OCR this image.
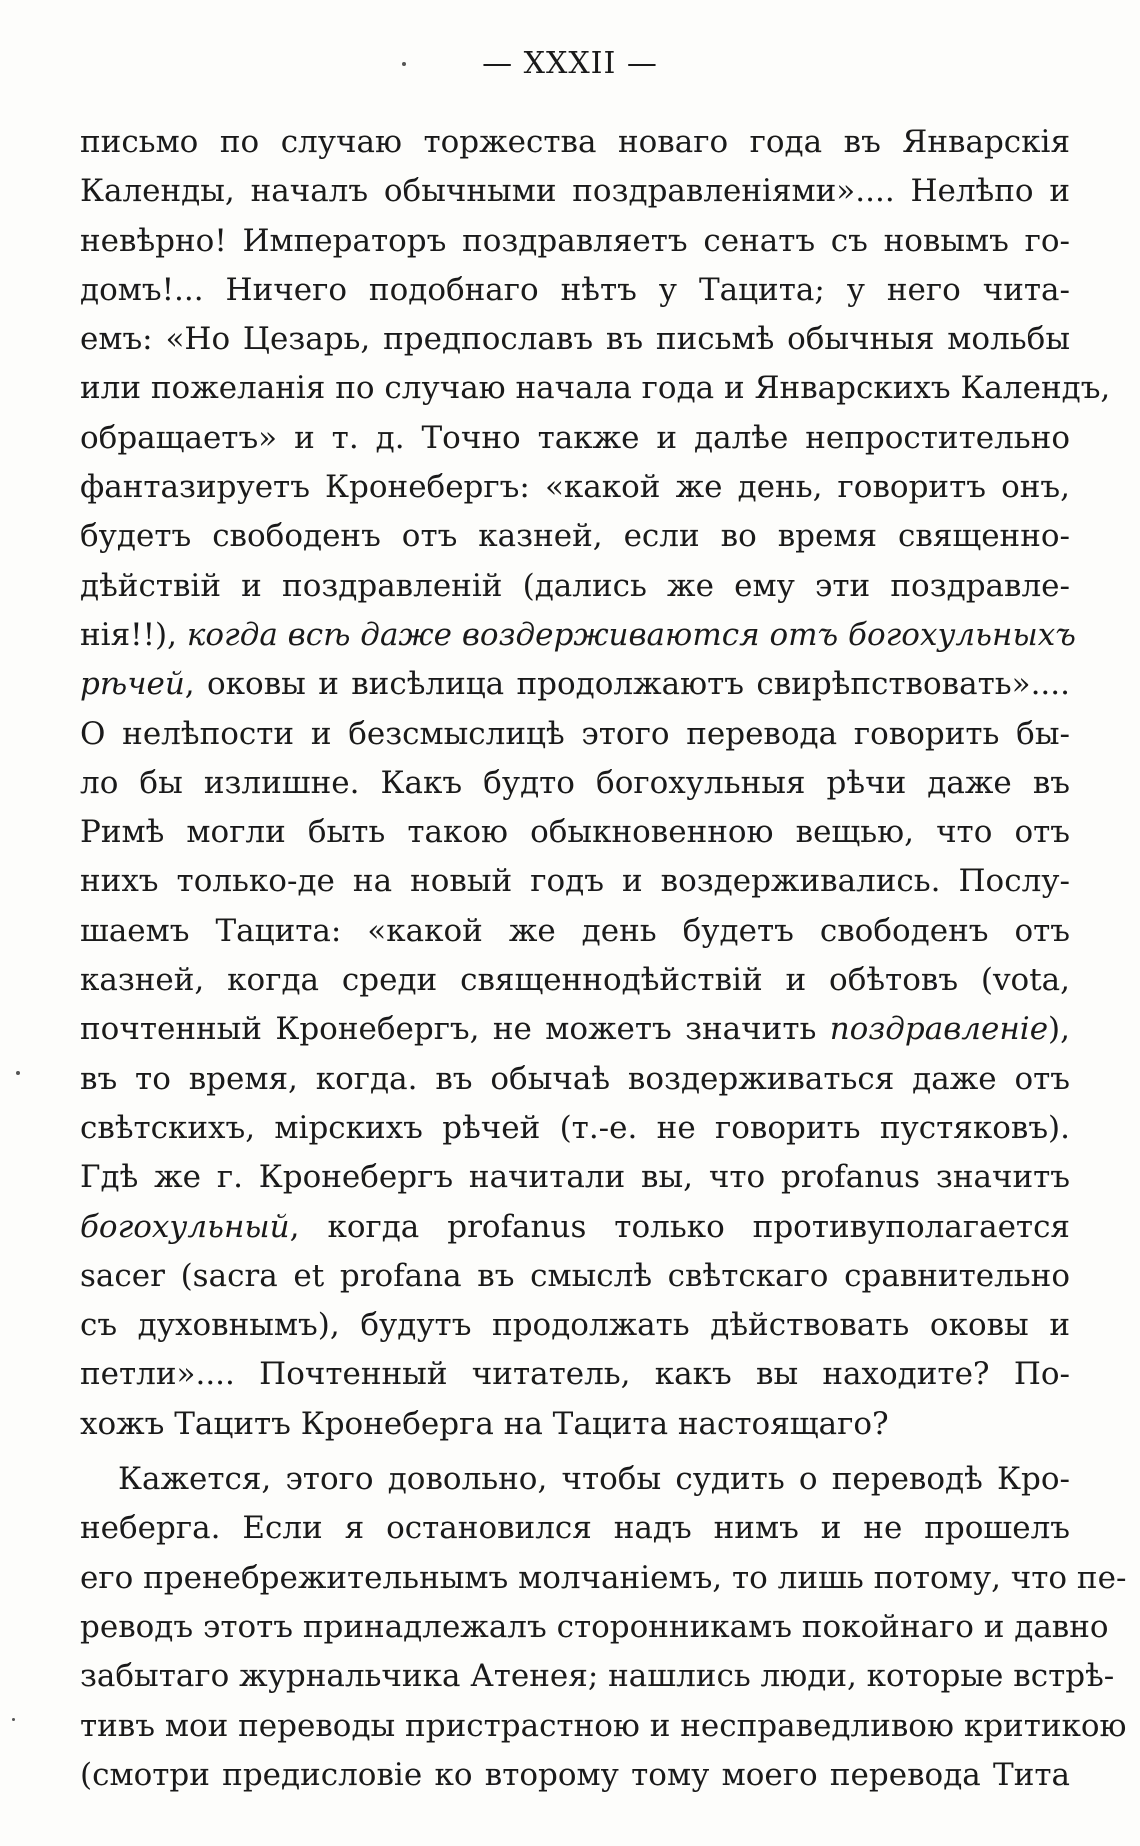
— XXXII —
письмо по случаю торжества новаго года въ Январскія
Календы, началъ обычными поздравленіями».... Нелѣпо и
невѣрно! Императоръ поздравляетъ сенатъ съ новымъ го-
домъ!... Ничего подобнаго нѣтъ у Тацита; у него чита-
емъ: «Но Цезарь, предпославъ въ письмѣ обычныя мольбы
или пожеланія по случаю начала года и Январскихъ Календъ,
обращаетъ» и т. д. Точно также и далѣе непростительно
фантазируетъ Кронебергъ: «какой же день, говоритъ онъ,
будетъ свободенъ отъ казней, если во время священно-
дѣйствій и поздравленій (дались же ему эти поздравле-
нія!!), когда всѣ даже воздерживаются отъ богохульныхъ
рѣчей, оковы и висѣлица продолжаютъ свирѣпствовать»....
О нелѣпости и безсмыслицѣ этого перевода говорить бы-
ло бы излишне. Какъ будто богохульныя рѣчи даже въ
Римѣ могли быть такою обыкновенною вещью, что отъ
нихъ только-де на новый годъ и воздерживались. Послу-
шаемъ Тацита: «какой же день будетъ свободенъ отъ
казней, когда среди священнодѣйствій и обѣтовъ (vota,
почтенный Кронебергъ, не можетъ значить поздравленіе),
въ то время, когда. въ обычаѣ воздерживаться даже отъ
свѣтскихъ, мірскихъ рѣчей (т.-е. не говорить пустяковъ).
Гдѣ же г. Кронебергъ начитали вы, что profanus значитъ
богохульный, когда profanus только противуполагается
sacer (sacra et profana въ смыслѣ свѣтскаго сравнительно
съ духовнымъ), будутъ продолжать дѣйствовать оковы и
петли».... Почтенный читатель, какъ вы находите? По-
хожъ Тацитъ Кронеберга на Тацита настоящаго?
Кажется, этого довольно, чтобы судить о переводѣ Кро-
неберга. Если я остановился надъ нимъ и не прошелъ
его пренебрежительнымъ молчаніемъ, то лишь потому, что пе-
реводъ этотъ принадлежалъ сторонникамъ покойнаго и давно
забытаго журнальчика Атенея; нашлись люди, которые встрѣ-
тивъ мои переводы пристрастною и несправедливою критикою
(смотри предисловіе ко второму тому моего перевода Тита
